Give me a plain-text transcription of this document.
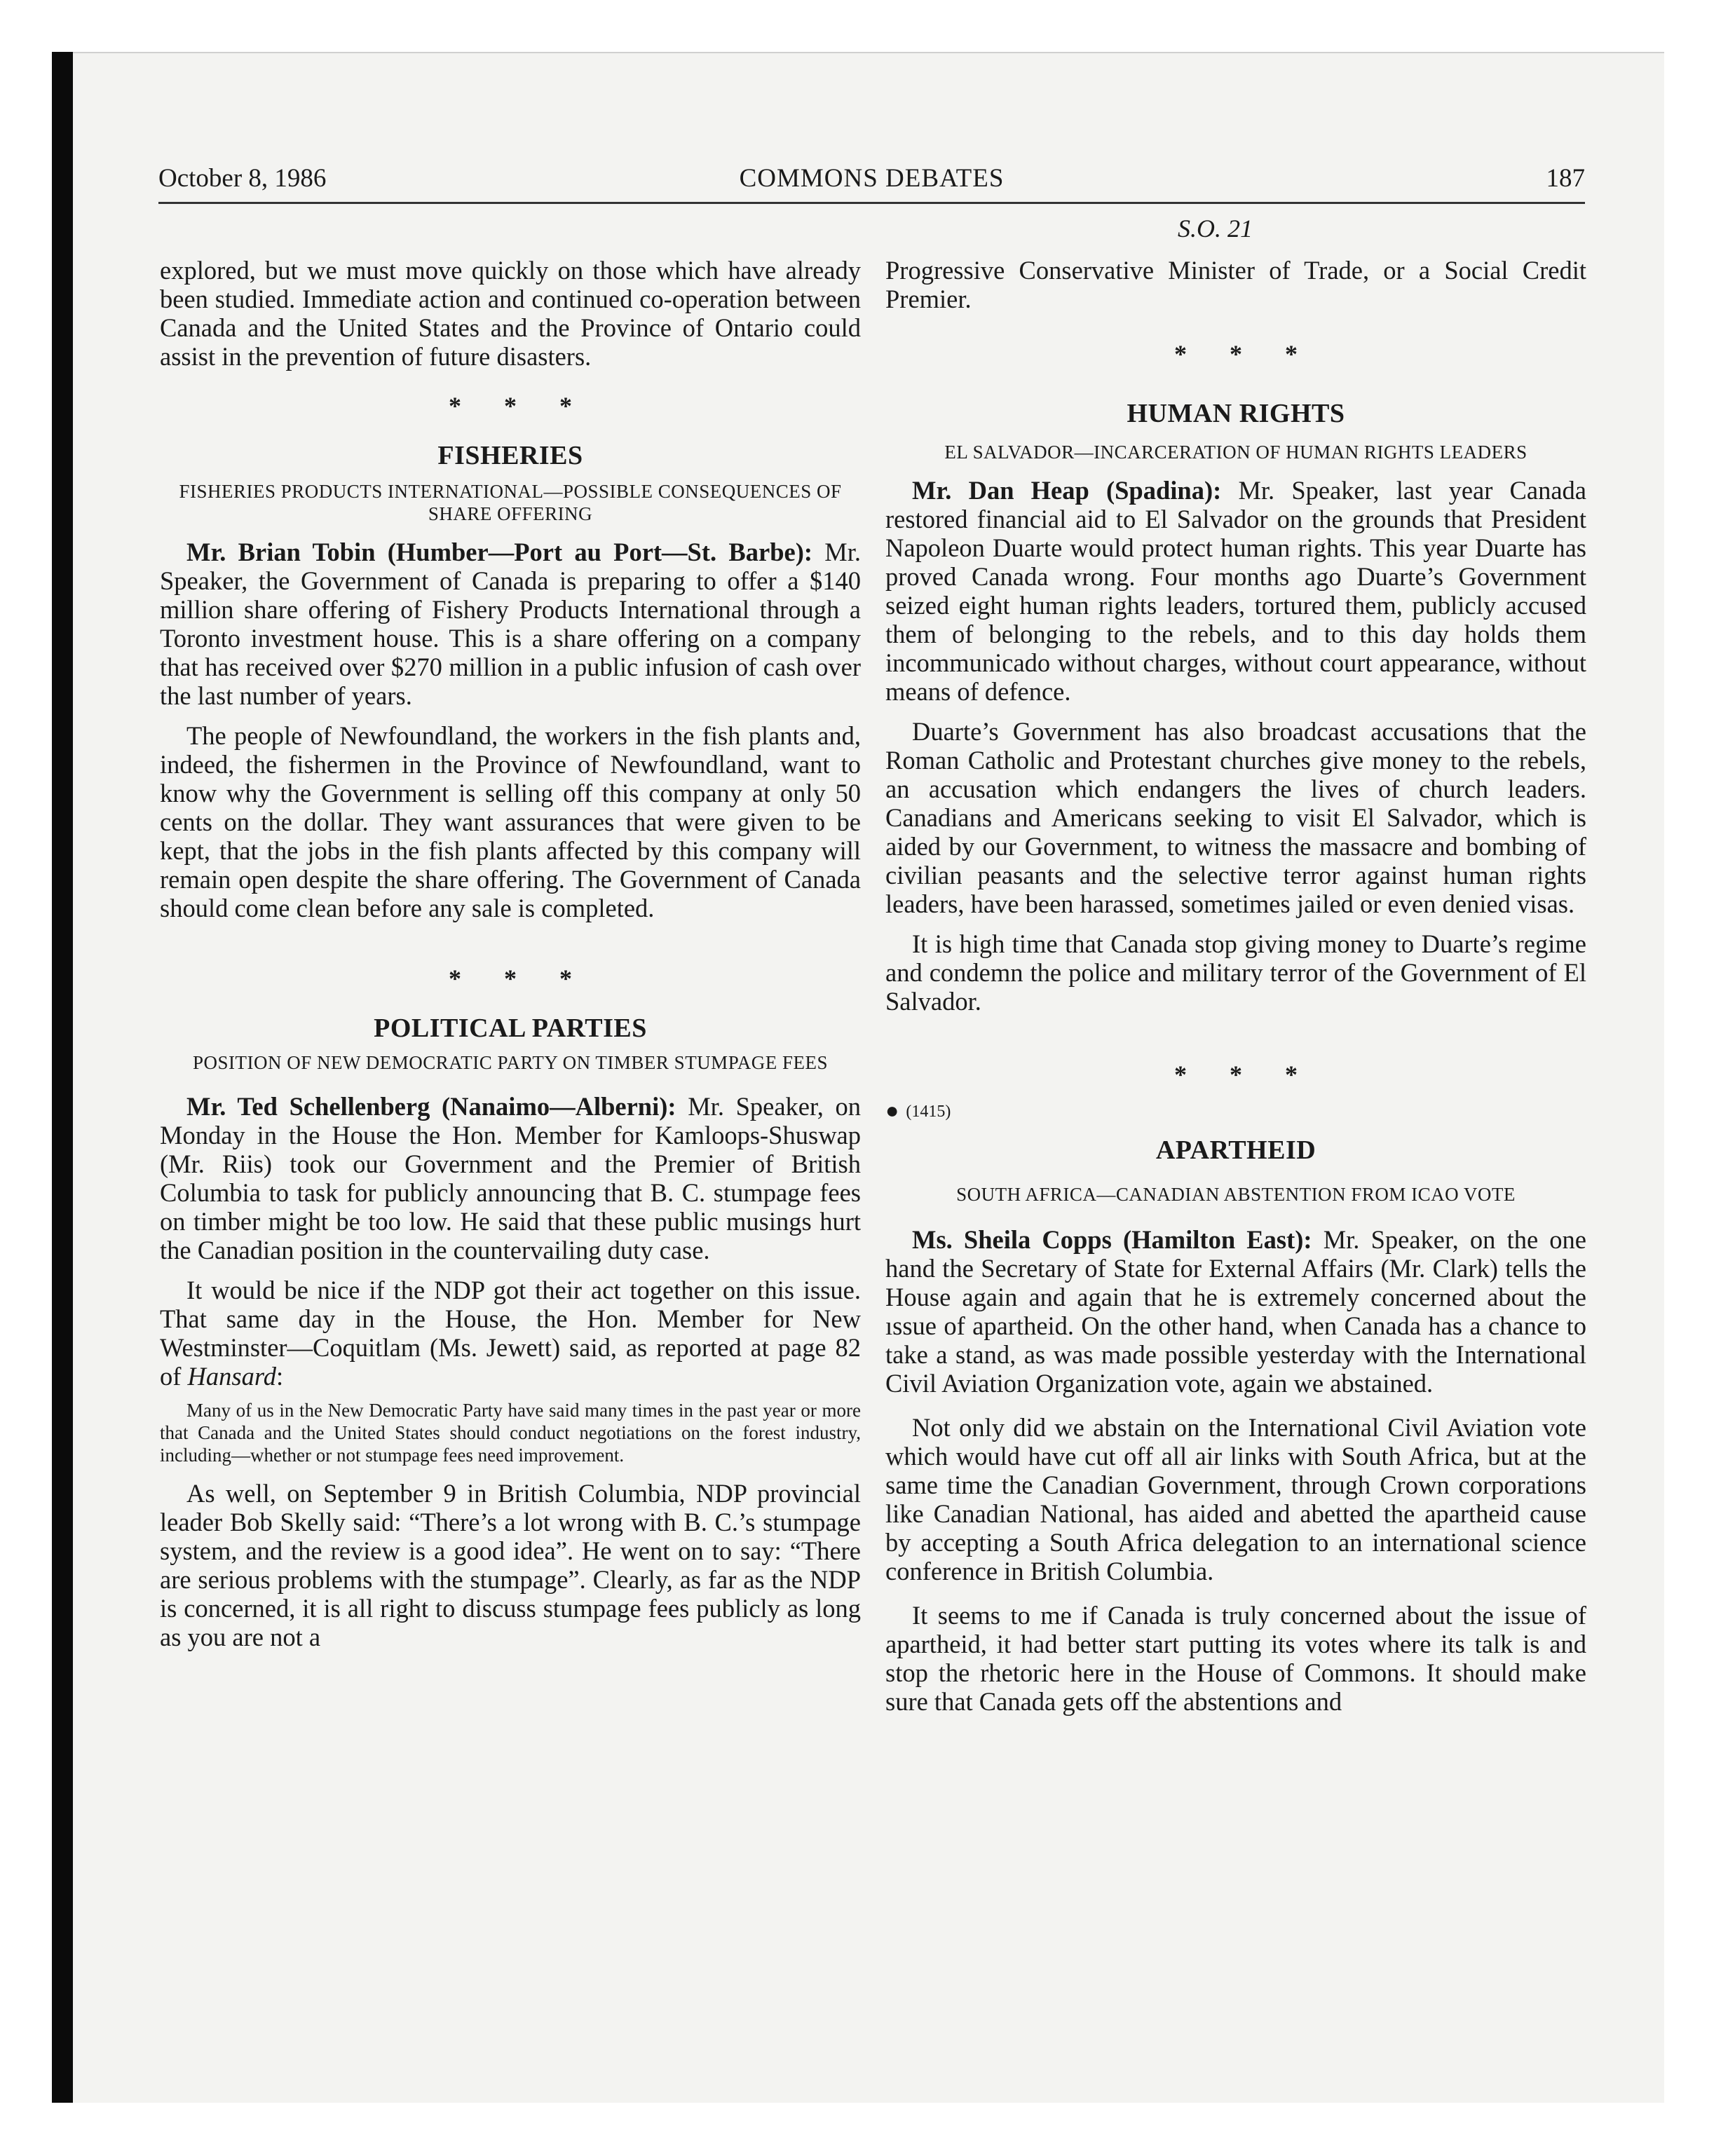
October 8, 1986	COMMONS DEBATES	187
S.O. 21

explored, but we must move quickly on those which have already been studied. Immediate action and continued co-operation between Canada and the United States and the Province of Ontario could assist in the prevention of future disasters.

* * *
FISHERIES
FISHERIES PRODUCTS INTERNATIONAL—POSSIBLE CONSEQUENCES OF SHARE OFFERING

Mr. Brian Tobin (Humber—Port au Port—St. Barbe): Mr. Speaker, the Government of Canada is preparing to offer a $140 million share offering of Fishery Products International through a Toronto investment house. This is a share offering on a company that has received over $270 million in a public infusion of cash over the last number of years.

The people of Newfoundland, the workers in the fish plants and, indeed, the fishermen in the Province of Newfoundland, want to know why the Government is selling off this company at only 50 cents on the dollar. They want assurances that were given to be kept, that the jobs in the fish plants affected by this company will remain open despite the share offering. The Government of Canada should come clean before any sale is completed.

* * *
POLITICAL PARTIES
POSITION OF NEW DEMOCRATIC PARTY ON TIMBER STUMPAGE FEES

Mr. Ted Schellenberg (Nanaimo—Alberni): Mr. Speaker, on Monday in the House the Hon. Member for Kamloops-Shuswap (Mr. Riis) took our Government and the Premier of British Columbia to task for publicly announcing that B. C. stumpage fees on timber might be too low. He said that these public musings hurt the Canadian position in the countervailing duty case.

It would be nice if the NDP got their act together on this issue. That same day in the House, the Hon. Member for New Westminster—Coquitlam (Ms. Jewett) said, as reported at page 82 of Hansard:

Many of us in the New Democratic Party have said many times in the past year or more that Canada and the United States should conduct negotiations on the forest industry, including—whether or not stumpage fees need improvement.

As well, on September 9 in British Columbia, NDP provincial leader Bob Skelly said: “There’s a lot wrong with B. C.’s stumpage system, and the review is a good idea”. He went on to say: “There are serious problems with the stumpage”. Clearly, as far as the NDP is concerned, it is all right to discuss stumpage fees publicly as long as you are not a

Progressive Conservative Minister of Trade, or a Social Credit Premier.

* * *
HUMAN RIGHTS
EL SALVADOR—INCARCERATION OF HUMAN RIGHTS LEADERS

Mr. Dan Heap (Spadina): Mr. Speaker, last year Canada restored financial aid to El Salvador on the grounds that President Napoleon Duarte would protect human rights. This year Duarte has proved Canada wrong. Four months ago Duarte’s Government seized eight human rights leaders, tortured them, publicly accused them of belonging to the rebels, and to this day holds them incommunicado without charges, without court appearance, without means of defence.

Duarte’s Government has also broadcast accusations that the Roman Catholic and Protestant churches give money to the rebels, an accusation which endangers the lives of church leaders. Canadians and Americans seeking to visit El Salvador, which is aided by our Government, to witness the massacre and bombing of civilian peasants and the selective terror against human rights leaders, have been harassed, sometimes jailed or even denied visas.

It is high time that Canada stop giving money to Duarte’s regime and condemn the police and military terror of the Government of El Salvador.

* * *
● (1415)
APARTHEID
SOUTH AFRICA—CANADIAN ABSTENTION FROM ICAO VOTE

Ms. Sheila Copps (Hamilton East): Mr. Speaker, on the one hand the Secretary of State for External Affairs (Mr. Clark) tells the House again and again that he is extremely concerned about the ıssue of apartheid. On the other hand, when Canada has a chance to take a stand, as was made possible yesterday with the International Civil Aviation Organization vote, again we abstained.

Not only did we abstain on the International Civil Aviation vote which would have cut off all air links with South Africa, but at the same time the Canadian Government, through Crown corporations like Canadian National, has aided and abetted the apartheid cause by accepting a South Africa delegation to an international science conference in British Columbia.

It seems to me if Canada is truly concerned about the issue of apartheid, it had better start putting its votes where its talk is and stop the rhetoric here in the House of Commons. It should make sure that Canada gets off the abstentions and
